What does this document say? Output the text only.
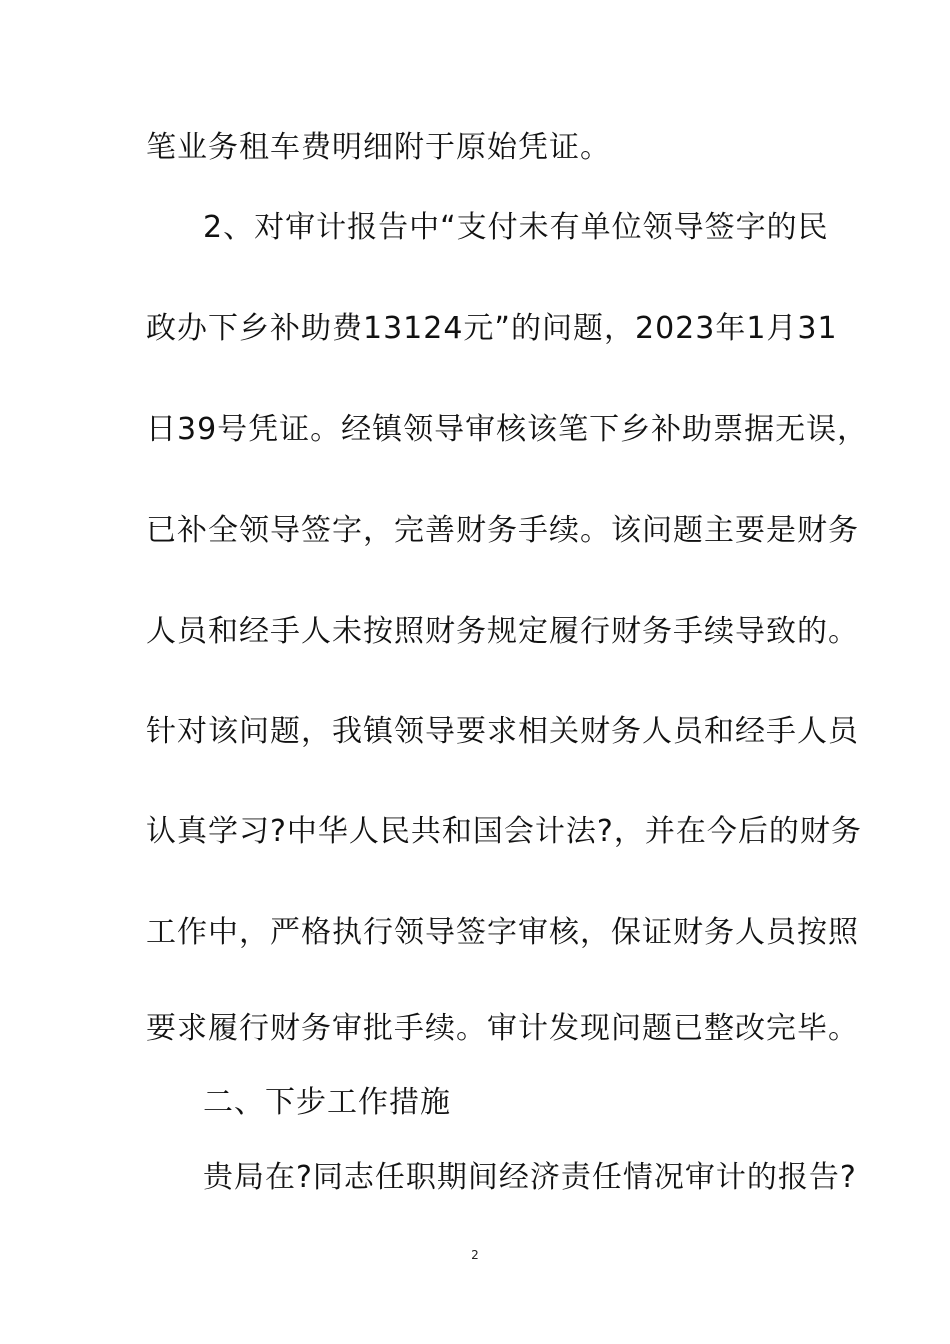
笔业务租车费明细附于原始凭证。
2、对审计报告中“支付未有单位领导签字的民
政办下乡补助费13124元”的问题，2023年1月31
日39号凭证。经镇领导审核该笔下乡补助票据无误，
已补全领导签字，完善财务手续。该问题主要是财务
人员和经手人未按照财务规定履行财务手续导致的。
针对该问题，我镇领导要求相关财务人员和经手人员
认真学习?中华人民共和国会计法?，并在今后的财务
工作中，严格执行领导签字审核，保证财务人员按照
要求履行财务审批手续。审计发现问题已整改完毕。
二、下步工作措施
贵局在?同志任职期间经济责任情况审计的报告?
2
